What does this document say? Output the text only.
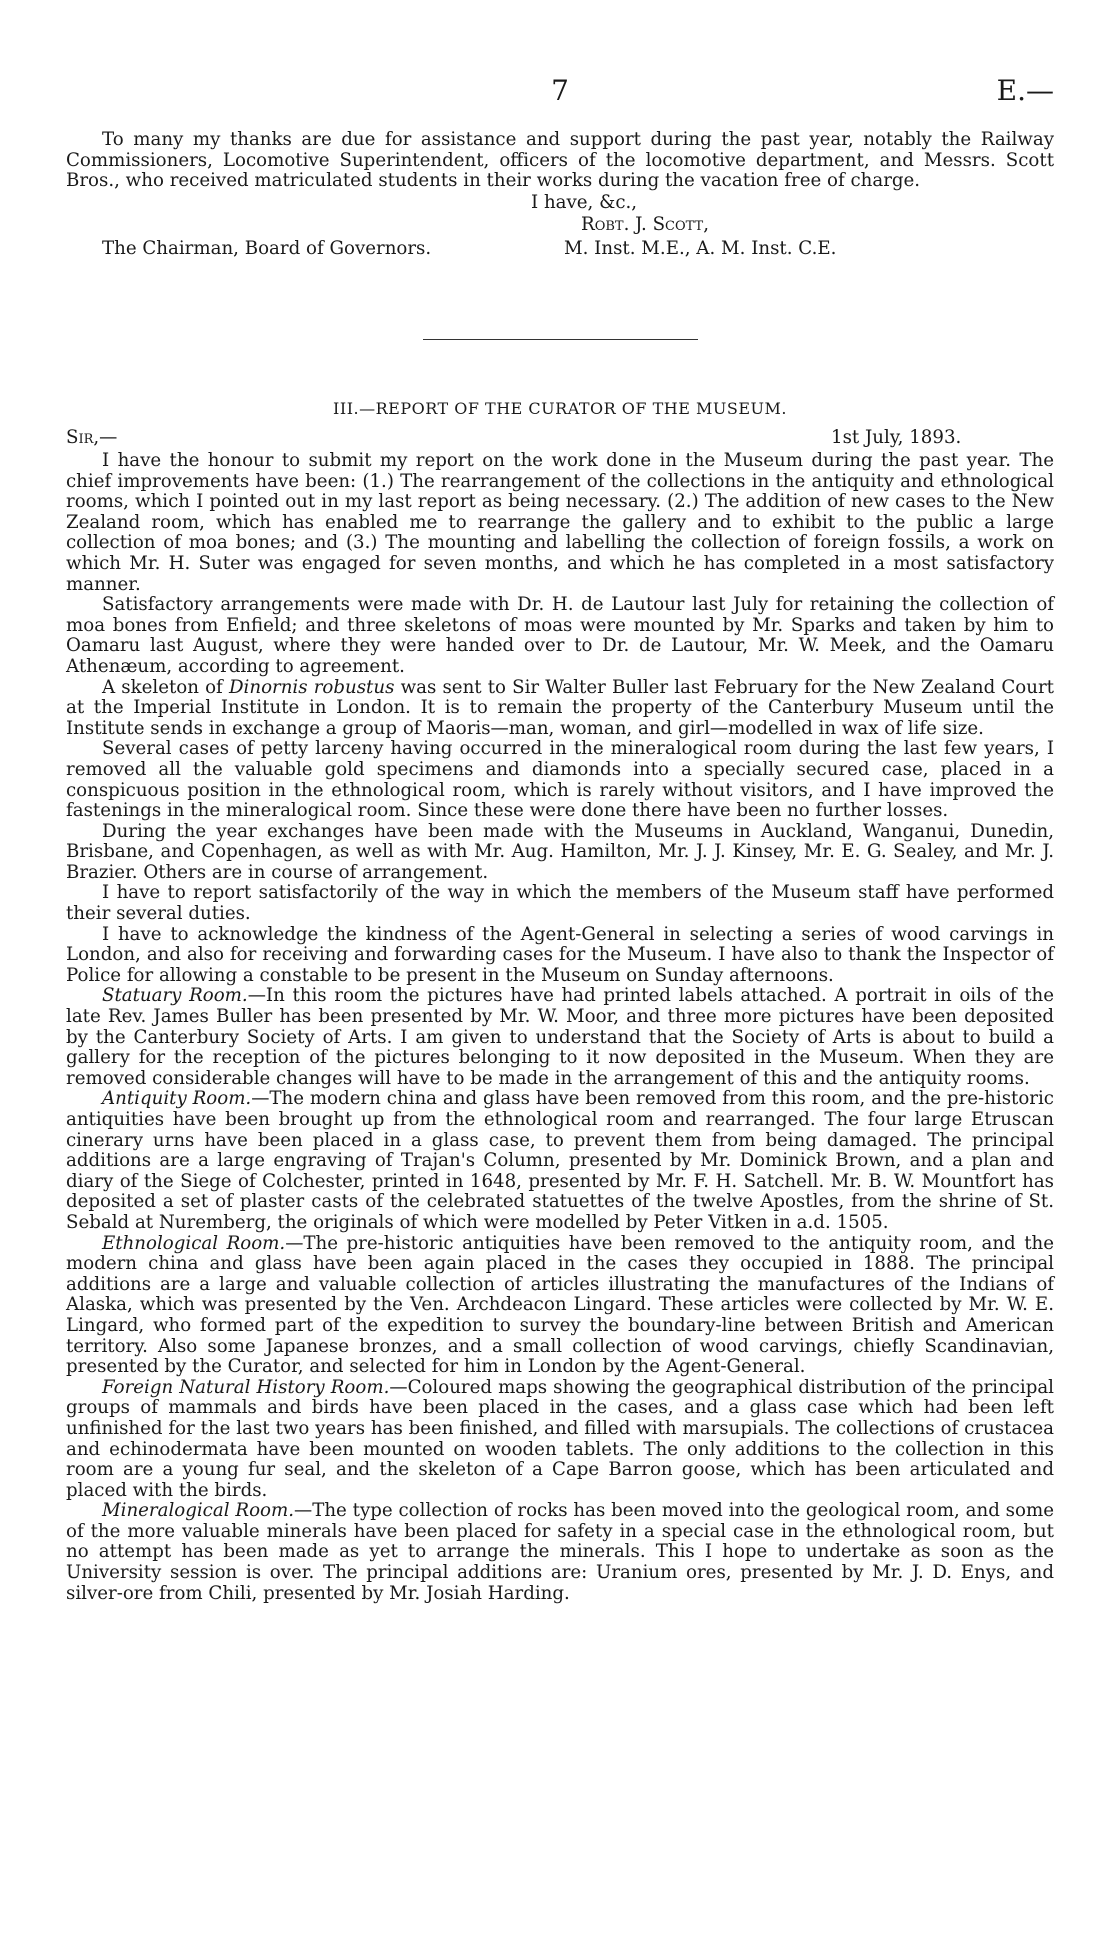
7	E.—

To many my thanks are due for assistance and support during the past year, notably the Railway Commissioners, Locomotive Superintendent, officers of the locomotive department, and Messrs. Scott Bros., who received matriculated students in their works during the vacation free of charge.

I have, &c.,
Robt. J. Scott,
The Chairman, Board of Governors.	M. Inst. M.E., A. M. Inst. C.E.
III.—REPORT OF THE CURATOR OF THE MUSEUM.
Sir,—	1st July, 1893.

I have the honour to submit my report on the work done in the Museum during the past year. The chief improvements have been: (1.) The rearrangement of the collections in the antiquity and ethnological rooms, which I pointed out in my last report as being necessary. (2.) The addition of new cases to the New Zealand room, which has enabled me to rearrange the gallery and to exhibit to the public a large collection of moa bones; and (3.) The mounting and labelling the collection of foreign fossils, a work on which Mr. H. Suter was engaged for seven months, and which he has completed in a most satisfactory manner.

Satisfactory arrangements were made with Dr. H. de Lautour last July for retaining the collection of moa bones from Enfield; and three skeletons of moas were mounted by Mr. Sparks and taken by him to Oamaru last August, where they were handed over to Dr. de Lautour, Mr. W. Meek, and the Oamaru Athenæum, according to agreement.

A skeleton of Dinornis robustus was sent to Sir Walter Buller last February for the New Zealand Court at the Imperial Institute in London. It is to remain the property of the Canterbury Museum until the Institute sends in exchange a group of Maoris—man, woman, and girl—modelled in wax of life size.

Several cases of petty larceny having occurred in the mineralogical room during the last few years, I removed all the valuable gold specimens and diamonds into a specially secured case, placed in a conspicuous position in the ethnological room, which is rarely without visitors, and I have improved the fastenings in the mineralogical room. Since these were done there have been no further losses.

During the year exchanges have been made with the Museums in Auckland, Wanganui, Dunedin, Brisbane, and Copenhagen, as well as with Mr. Aug. Hamilton, Mr. J. J. Kinsey, Mr. E. G. Sealey, and Mr. J. Brazier. Others are in course of arrangement.

I have to report satisfactorily of the way in which the members of the Museum staff have performed their several duties.

I have to acknowledge the kindness of the Agent-General in selecting a series of wood carvings in London, and also for receiving and forwarding cases for the Museum. I have also to thank the Inspector of Police for allowing a constable to be present in the Museum on Sunday afternoons.

Statuary Room.—In this room the pictures have had printed labels attached. A portrait in oils of the late Rev. James Buller has been presented by Mr. W. Moor, and three more pictures have been deposited by the Canterbury Society of Arts. I am given to understand that the Society of Arts is about to build a gallery for the reception of the pictures belonging to it now deposited in the Museum. When they are removed considerable changes will have to be made in the arrangement of this and the antiquity rooms.

Antiquity Room.—The modern china and glass have been removed from this room, and the pre-historic antiquities have been brought up from the ethnological room and rearranged. The four large Etruscan cinerary urns have been placed in a glass case, to prevent them from being damaged. The principal additions are a large engraving of Trajan's Column, presented by Mr. Dominick Brown, and a plan and diary of the Siege of Colchester, printed in 1648, presented by Mr. F. H. Satchell. Mr. B. W. Mountfort has deposited a set of plaster casts of the celebrated statuettes of the twelve Apostles, from the shrine of St. Sebald at Nuremberg, the originals of which were modelled by Peter Vitken in a.d. 1505.

Ethnological Room.—The pre-historic antiquities have been removed to the antiquity room, and the modern china and glass have been again placed in the cases they occupied in 1888. The principal additions are a large and valuable collection of articles illustrating the manufactures of the Indians of Alaska, which was presented by the Ven. Archdeacon Lingard. These articles were collected by Mr. W. E. Lingard, who formed part of the expedition to survey the boundary-line between British and American territory. Also some Japanese bronzes, and a small collection of wood carvings, chiefly Scandinavian, presented by the Curator, and selected for him in London by the Agent-General.

Foreign Natural History Room.—Coloured maps showing the geographical distribution of the principal groups of mammals and birds have been placed in the cases, and a glass case which had been left unfinished for the last two years has been finished, and filled with marsupials. The collections of crustacea and echinodermata have been mounted on wooden tablets. The only additions to the collection in this room are a young fur seal, and the skeleton of a Cape Barron goose, which has been articulated and placed with the birds.

Mineralogical Room.—The type collection of rocks has been moved into the geological room, and some of the more valuable minerals have been placed for safety in a special case in the ethnological room, but no attempt has been made as yet to arrange the minerals. This I hope to undertake as soon as the University session is over. The principal additions are: Uranium ores, presented by Mr. J. D. Enys, and silver-ore from Chili, presented by Mr. Josiah Harding.
